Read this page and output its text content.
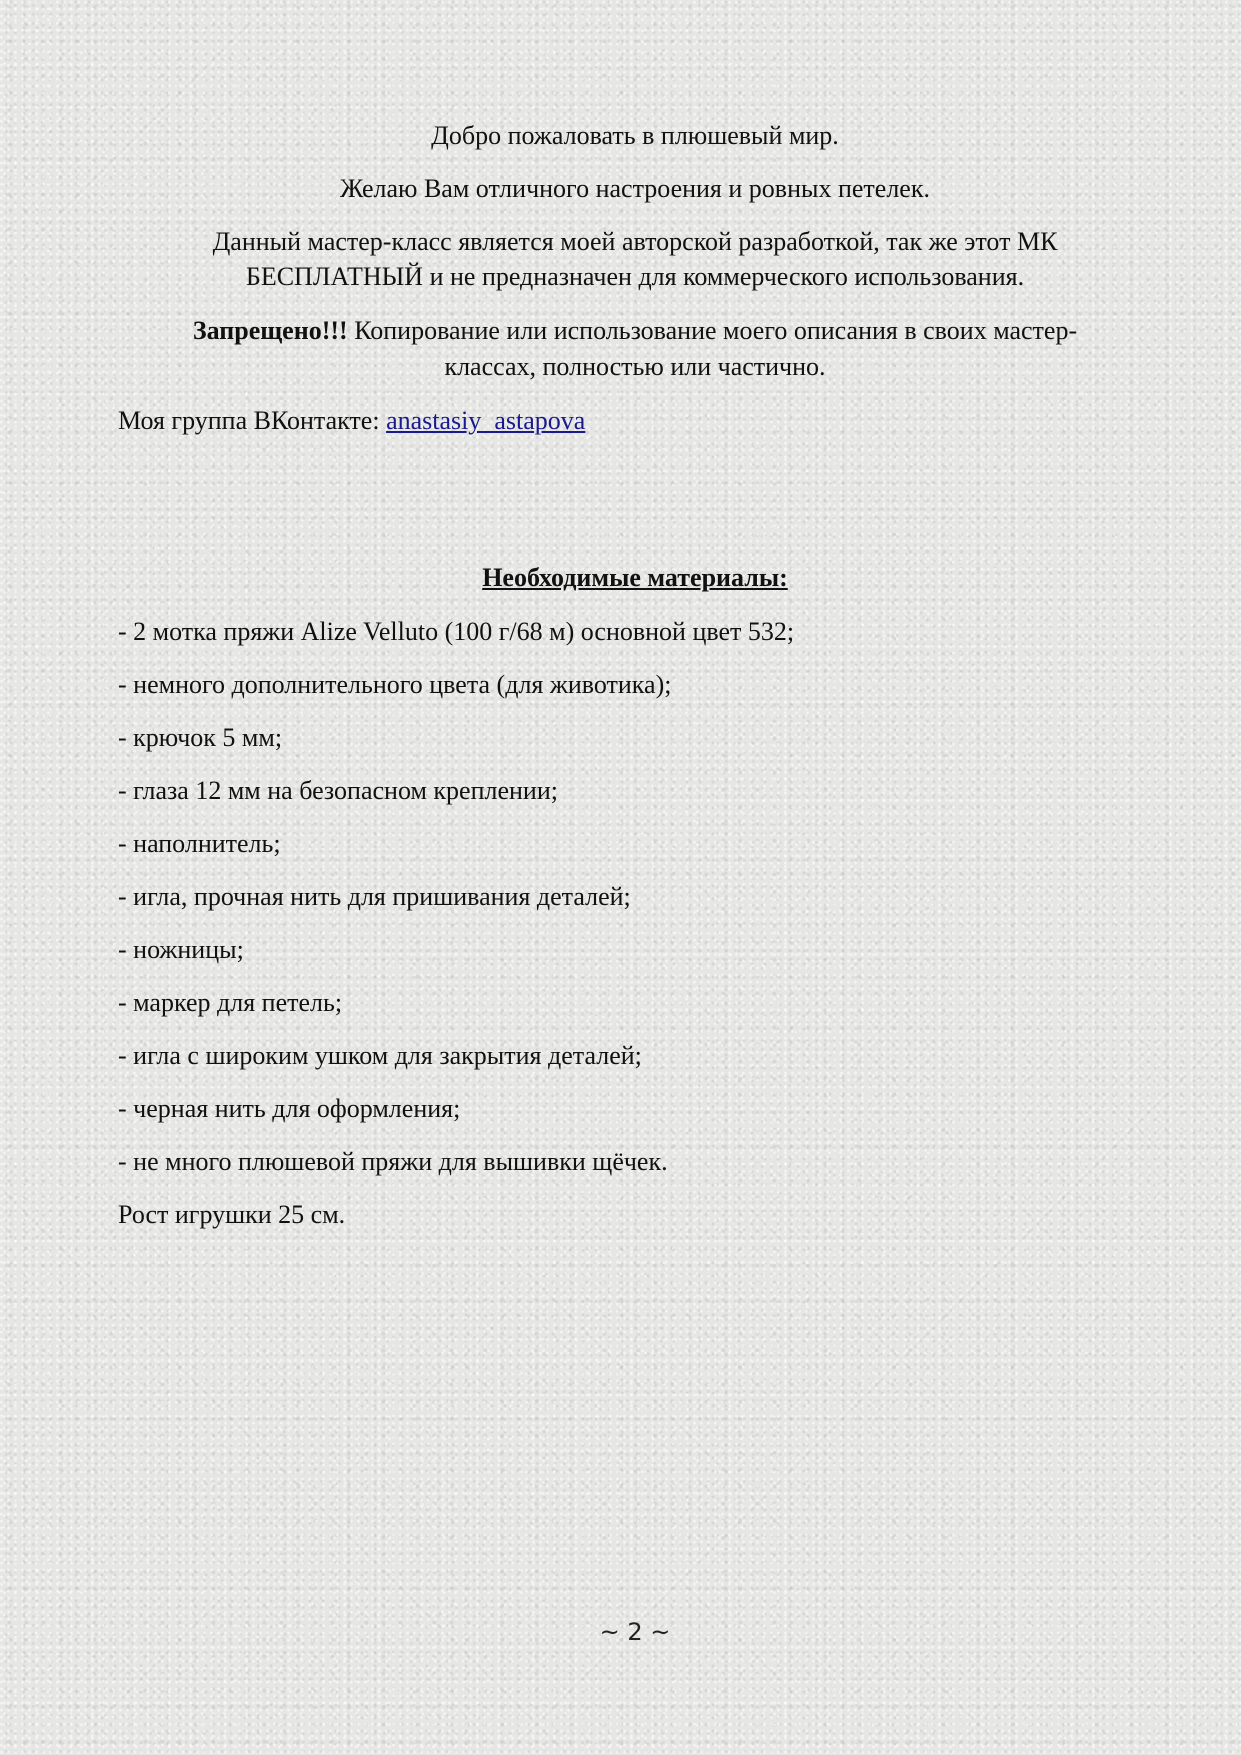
Добро пожаловать в плюшевый мир.
Желаю Вам отличного настроения и ровных петелек.
Данный мастер-класс является моей авторской разработкой, так же этот МК
БЕСПЛАТНЫЙ и не предназначен для коммерческого использования.
Запрещено!!! Копирование или использование моего описания в своих мастер-
классах, полностью или частично.
Моя группа ВКонтакте: anastasiy_astapova
Необходимые материалы:
- 2 мотка пряжи Alize Velluto (100 г/68 м) основной цвет 532;
- немного дополнительного цвета (для животика);
- крючок 5 мм;
- глаза 12 мм на безопасном креплении;
- наполнитель;
- игла, прочная нить для пришивания деталей;
- ножницы;
- маркер для петель;
- игла с широким ушком для закрытия деталей;
- черная нить для оформления;
- не много плюшевой пряжи для вышивки щёчек.
Рост игрушки 25 см.
~ 2 ~
